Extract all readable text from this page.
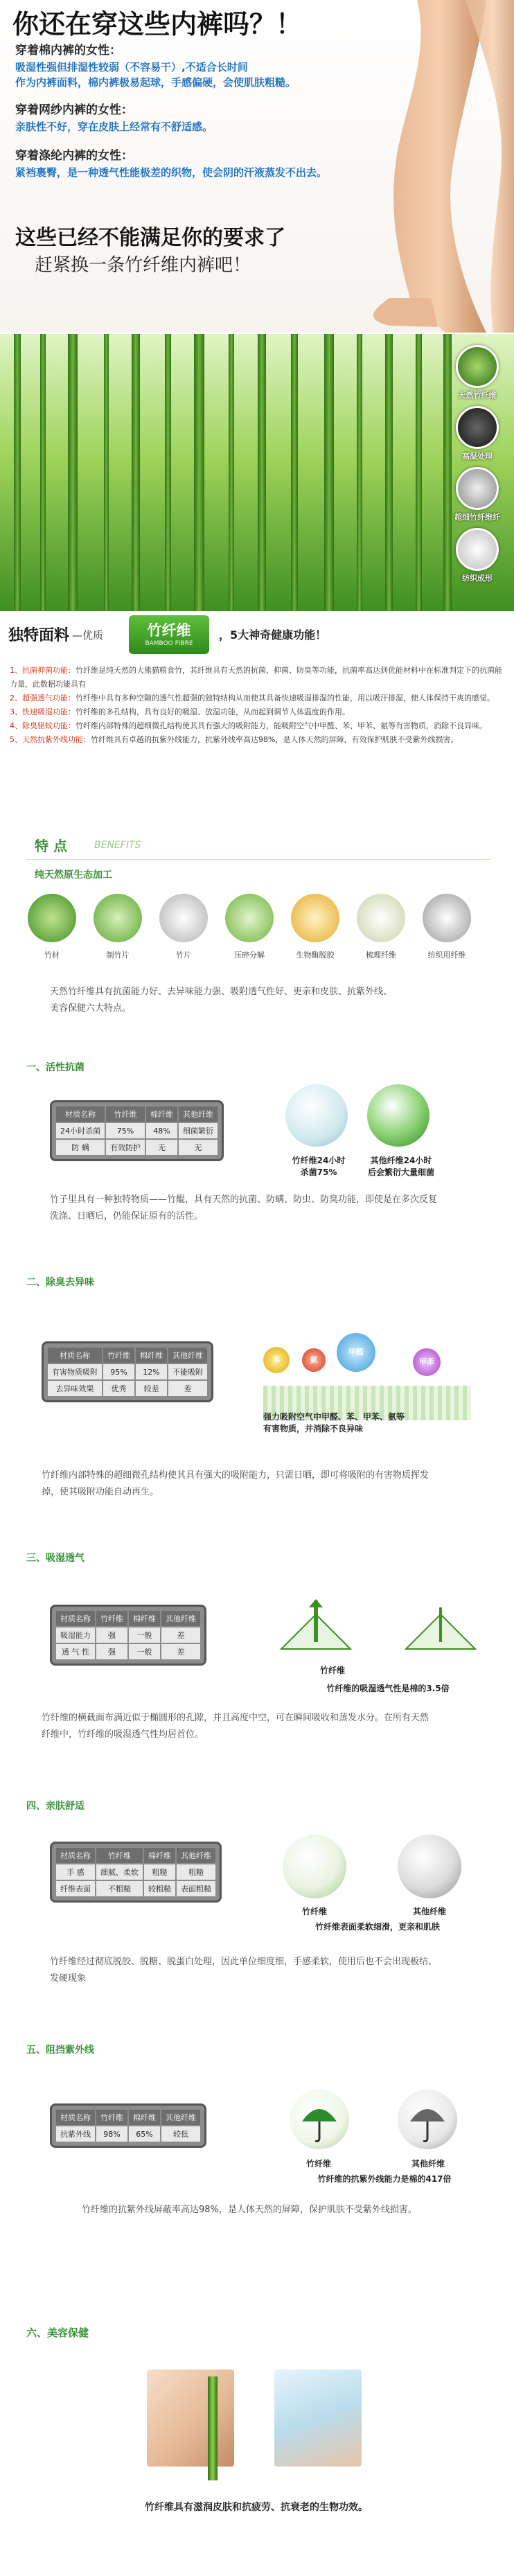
你还在穿这些内裤吗？！
穿着棉内裤的女性：
吸湿性强但排湿性较弱（不容易干）,不适合长时间
作为内裤面料，棉内裤极易起球，手感偏硬，会使肌肤粗糙。
穿着网纱内裤的女性：
亲肤性不好，穿在皮肤上经常有不舒适感。
穿着涤纶内裤的女性：
紧裆裹臀，是一种透气性能极差的织物，使会阴的汗液蒸发不出去。
这些已经不能满足你的要求了
赶紧换一条竹纤维内裤吧！
天然竹纤维
高温处理
超细竹纤维纤
纺织成形
独特面料 —优质	竹纤维
BAMBOO FIBRE
，5大神奇健康功能！
1、抗菌抑菌功能：竹纤维是纯天然的大熊猫粮食竹，其纤维具有天然的抗菌、抑菌、防臭等功能，抗菌率高达到优能材料中在标准判定下的抗菌能力量，此数据功能具有
2、超强透气功能：竹纤维中具有多种空隙的透气性超强的独特结构从而使其具备快速吸湿排湿的性能，用以吸汗排湿，使人体保持干爽的感觉。
3、快速吸湿功能：竹纤维的多孔结构，具有良好的吸湿、放湿功能，从而起到调节人体温度的作用。
4、除臭驱蚊功能：竹纤维内部特殊的超细微孔结构使其具有强大的吸附能力，能吸附空气中甲醛、苯、甲苯、氨等有害物质，消除不良异味。
5、天然抗紫外线功能：竹纤维具有卓越的抗紫外线能力，抗紫外线率高达98%，是人体天然的屏障，有效保护肌肤不受紫外线损害。
特 点	BENEFITS
纯天然原生态加工
竹材	制竹片	竹片	压碎分解	生物酶脱胶	梳理纤维	纺织用纤维
天然竹纤维具有抗菌能力好、去异味能力强、吸附透气性好、更亲和皮肤、抗紫外线、
美容保健六大特点。
一、活性抗菌
材质名称	竹纤维	棉纤维	其他纤维
24小时杀菌	75%	48%	细菌繁衍
防 螨	有效防护	无	无
竹纤维24小时
杀菌75%
其他纤维24小时
后会繁衍大量细菌
竹子里具有一种独特物质——竹醌，具有天然的抗菌、防螨、防虫、防臭功能，即使是在多次反复
洗涤、日晒后，仍能保证原有的活性。
二、除臭去异味
材质名称	竹纤维	棉纤维	其他纤维
有害物质吸附	95%	12%	不能吸附
去异味效果	优秀	较差	差
苯	氨
甲醛
甲苯
强力吸附空气中甲醛、苯、甲苯、氨等
有害物质，并消除不良异味
竹纤维内部特殊的超细微孔结构使其具有强大的吸附能力，只需日晒，即可将吸附的有害物质挥发
掉，使其吸附功能自动再生。
三、吸湿透气
材质名称	竹纤维	棉纤维	其他纤维
吸湿能力	强	一般	差
透 气 性	强	一般	差
竹纤维
竹纤维的吸湿透气性是棉的3.5倍
竹纤维的横截面布满近似于椭圆形的孔隙，并且高度中空，可在瞬间吸收和蒸发水分。在所有天然
纤维中，竹纤维的吸湿透气性均居首位。
四、亲肤舒适
材质名称	竹纤维	棉纤维	其他纤维
手 感	细腻、柔软	粗糙	粗糙
纤维表面	不粗糙	较粗糙	表面粗糙
竹纤维	其他纤维
竹纤维表面柔软细滑，更亲和肌肤
竹纤维经过彻底脱胶、脱糖、脱蛋白处理，因此单位细度细，手感柔软，使用后也不会出现板结、
发硬现象
五、阻挡紫外线
材质名称	竹纤维	棉纤维	其他纤维
抗紫外线	98%	65%	较低
竹纤维	其他纤维
竹纤维的抗紫外线能力是棉的417倍
竹纤维的抗紫外线屏蔽率高达98%，是人体天然的屏障，保护肌肤不受紫外线损害。
六、美容保健
竹纤维具有滋润皮肤和抗疲劳、抗衰老的生物功效。
